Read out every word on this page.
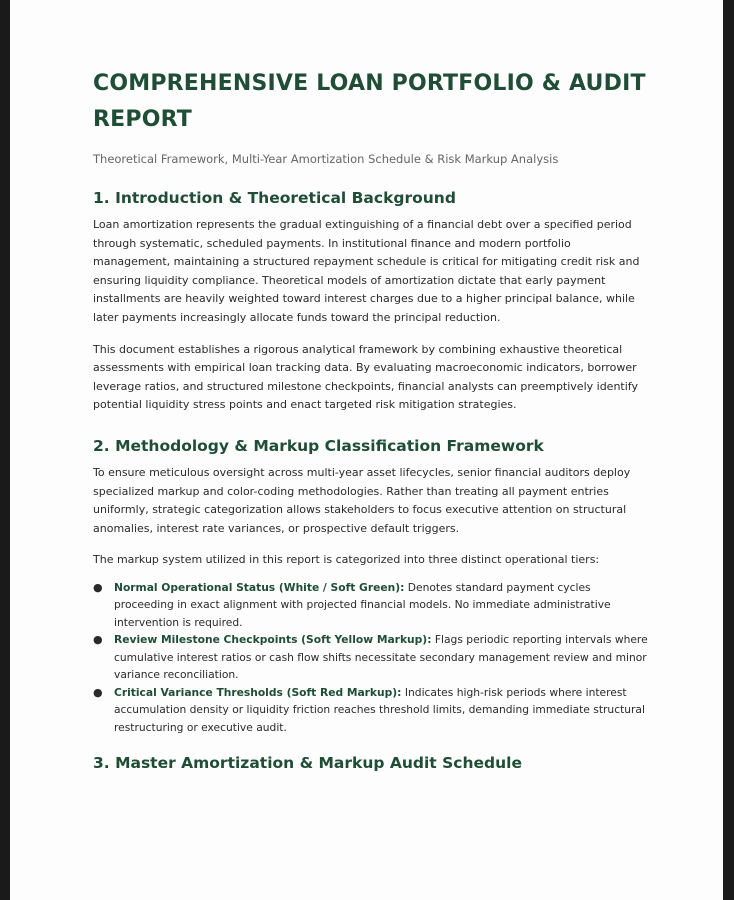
COMPREHENSIVE LOAN PORTFOLIO & AUDIT REPORT

Theoretical Framework, Multi-Year Amortization Schedule & Risk Markup Analysis

1. Introduction & Theoretical Background

Loan amortization represents the gradual extinguishing of a financial debt over a specified period through systematic, scheduled payments. In institutional finance and modern portfolio management, maintaining a structured repayment schedule is critical for mitigating credit risk and ensuring liquidity compliance. Theoretical models of amortization dictate that early payment installments are heavily weighted toward interest charges due to a higher principal balance, while later payments increasingly allocate funds toward the principal reduction.

This document establishes a rigorous analytical framework by combining exhaustive theoretical assessments with empirical loan tracking data. By evaluating macroeconomic indicators, borrower leverage ratios, and structured milestone checkpoints, financial analysts can preemptively identify potential liquidity stress points and enact targeted risk mitigation strategies.

2. Methodology & Markup Classification Framework

To ensure meticulous oversight across multi-year asset lifecycles, senior financial auditors deploy specialized markup and color-coding methodologies. Rather than treating all payment entries uniformly, strategic categorization allows stakeholders to focus executive attention on structural anomalies, interest rate variances, or prospective default triggers.

The markup system utilized in this report is categorized into three distinct operational tiers:

● Normal Operational Status (White / Soft Green): Denotes standard payment cycles proceeding in exact alignment with projected financial models. No immediate administrative intervention is required.
● Review Milestone Checkpoints (Soft Yellow Markup): Flags periodic reporting intervals where cumulative interest ratios or cash flow shifts necessitate secondary management review and minor variance reconciliation.
● Critical Variance Thresholds (Soft Red Markup): Indicates high-risk periods where interest accumulation density or liquidity friction reaches threshold limits, demanding immediate structural restructuring or executive audit.
3. Master Amortization & Markup Audit Schedule
